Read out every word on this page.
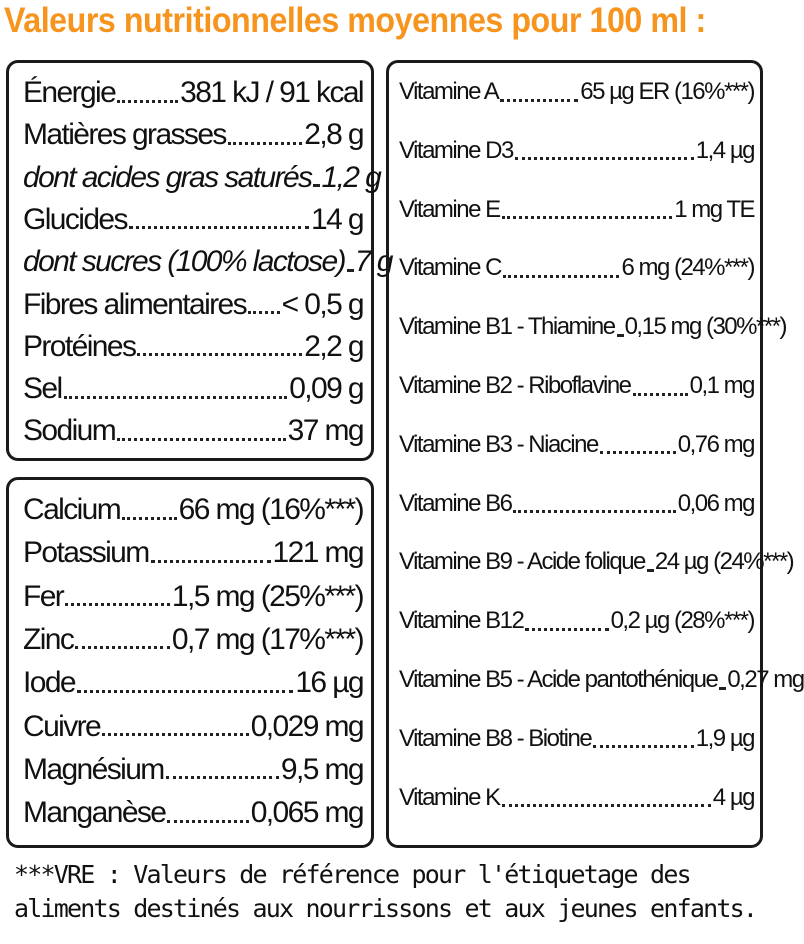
Valeurs nutritionnelles moyennes pour 100 ml :
Énergie 381 kJ / 91 kcal
Matières grasses	2,8 g
dont acides gras saturés 1,2 g
Glucides	14 g
dont sucres (100% lactose) 7 g
Fibres alimentaires < 0,5 g
Protéines	2,2 g
Sel	0,09 g
Sodium	37 mg
Calcium 66 mg (16%***)
Potassium	121 mg
Fer	1,5 mg (25%***)
Zinc	0,7 mg (17%***)
Iode	16 µg
Cuivre	0,029 mg
Magnésium	9,5 mg
Manganèse	0,065 mg
Vitamine A	65 µg ER (16%***)
Vitamine D3	1,4 µg
Vitamine E	1 mg TE
Vitamine C	6 mg (24%***)
Vitamine B1 - Thiamine 0,15 mg (30%***)
Vitamine B2 - Riboflavine 0,1 mg
Vitamine B3 - Niacine	0,76 mg
Vitamine B6	0,06 mg
Vitamine B9 - Acide folique 24 µg (24%***)
Vitamine B12	0,2 µg (28%***)
Vitamine B5 - Acide pantothénique 0,27 mg
Vitamine B8 - Biotine	1,9 µg
Vitamine K	4 µg
***VRE : Valeurs de référence pour l'étiquetage des aliments destinés aux nourrissons et aux jeunes enfants.
